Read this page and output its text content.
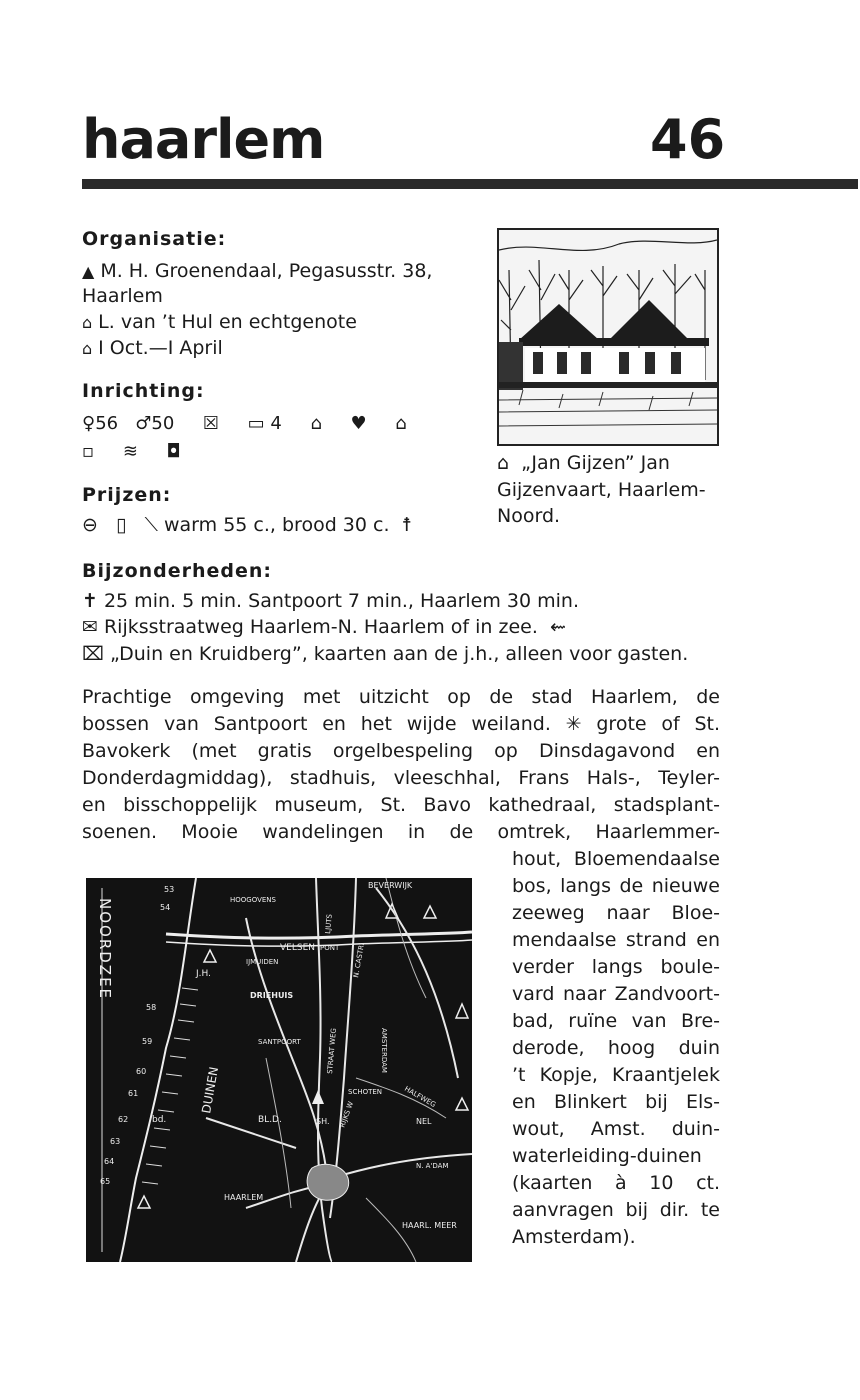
haarlem	46
Organisatie:
▲ M. H. Groenendaal, Pegasusstr. 38,
Haarlem
⌂ L. van ’t Hul en echtgenote
⌂ I Oct.—I April
Inrichting:
♀56 ♂50 ☒ ▭ 4 ⌂ ♥ ⌂
▫ ≋ ◘
Prijzen:
⊖ ▯ ⟍ warm 55 c., brood 30 c. ☨
⌂ „Jan Gijzen” Jan
Gijzenvaart, Haarlem-
Noord.
Bijzonderheden:
✝ 25 min. 5 min. Santpoort 7 min., Haarlem 30 min.
✉ Rijksstraatweg Haarlem-N. Haarlem of in zee. ⇜
⌧ „Duin en Kruidberg”, kaarten aan de j.h., alleen voor gasten.
Prachtige omgeving met uitzicht op de stad Haarlem, de
bossen van Santpoort en het wijde weiland. ✳ grote of St.
Bavokerk (met gratis orgelbespeling op Dinsdagavond en
Donderdagmiddag), stadhuis, vleeschhal, Frans Hals-, Teyler-
en bisschoppelijk museum, St. Bavo kathedraal, stadsplant-
soenen. Mooie wandelingen in de omtrek, Haarlemmer-
hout, Bloemendaalse
bos, langs de nieuwe
zeeweg naar Bloe-
mendaalse strand en
verder langs boule-
vard naar Zandvoort-
bad, ruïne van Bre-
derode, hoog duin
’t Kopje, Kraantjelek
en Blinkert bij Els-
wout, Amst. duin-
waterleiding-duinen
(kaarten à 10 ct.
aanvragen bij dir. te
Amsterdam).
NOORDZEE	HOOGOVENS
BEVERWIJK
VELSEN PONT
IJMUIDEN
J.H.
DRIEHUIS
SANTPOORT
DUINEN
BL.D.
bd.	SH.
SCHOTEN
HAARLEM
HAARL. MEER
N. A'DAM
NEL
HALFWEG
AMSTERDAM
N. CASTRI
STRAAT WEG
RIJKS W
LJUTS
53
54
58
59
60
61
62
63
64
65
